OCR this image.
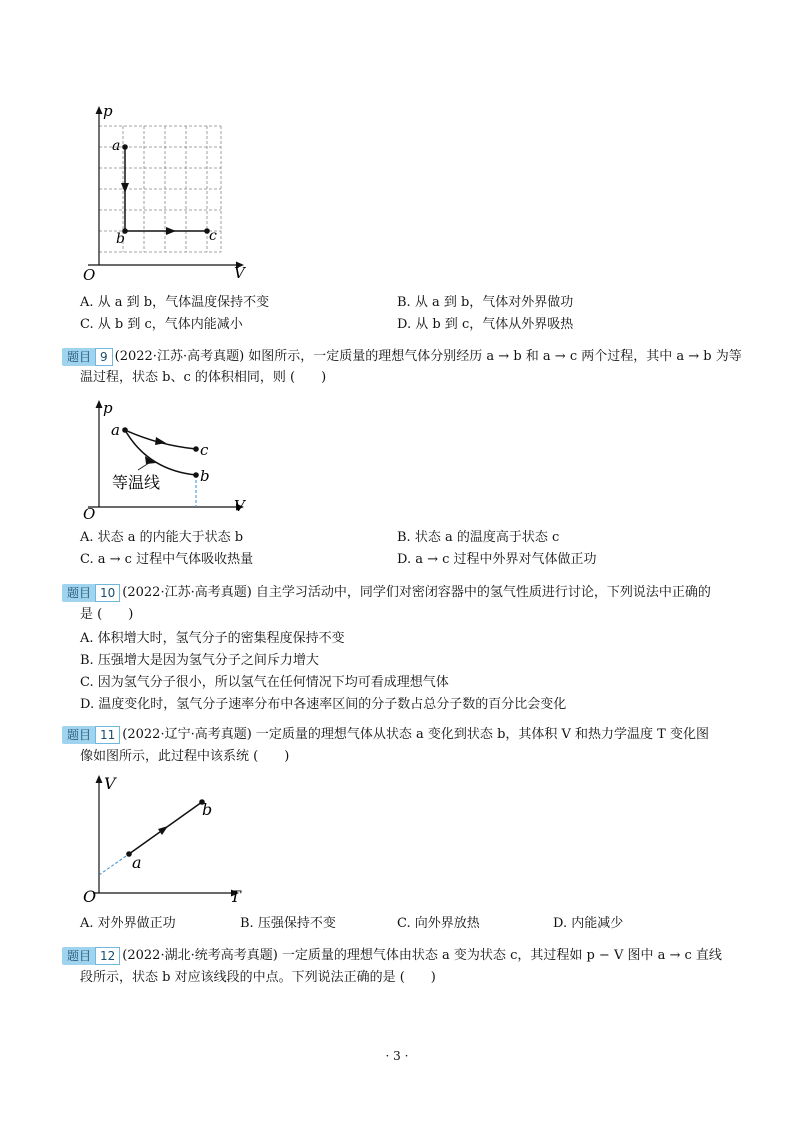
p
V
O
a
b	c
A. 从 a 到 b，气体温度保持不变	B. 从 a 到 b，气体对外界做功
C. 从 b 到 c，气体内能减小	D. 从 b 到 c，气体从外界吸热
题目 9 (2022·江苏·高考真题) 如图所示，一定质量的理想气体分别经历 a → b 和 a → c 两个过程，其中 a → b 为等
温过程，状态 b、c 的体积相同，则 (　　)
p
V
O
a
c
b
等温线
A. 状态 a 的内能大于状态 b	B. 状态 a 的温度高于状态 c
C. a → c 过程中气体吸收热量	D. a → c 过程中外界对气体做正功
题目 10 (2022·江苏·高考真题) 自主学习活动中，同学们对密闭容器中的氢气性质进行讨论，下列说法中正确的
是 (　　)
A. 体积增大时，氢气分子的密集程度保持不变
B. 压强增大是因为氢气分子之间斥力增大
C. 因为氢气分子很小，所以氢气在任何情况下均可看成理想气体
D. 温度变化时，氢气分子速率分布中各速率区间的分子数占总分子数的百分比会变化
题目 11 (2022·辽宁·高考真题) 一定质量的理想气体从状态 a 变化到状态 b，其体积 V 和热力学温度 T 变化图
像如图所示，此过程中该系统 (　　)
V
T
O
a
b
A. 对外界做正功	B. 压强保持不变	C. 向外界放热	D. 内能减少
题目 12 (2022·湖北·统考高考真题) 一定质量的理想气体由状态 a 变为状态 c，其过程如 p − V 图中 a → c 直线
段所示，状态 b 对应该线段的中点。下列说法正确的是 (　　)
· 3 ·
